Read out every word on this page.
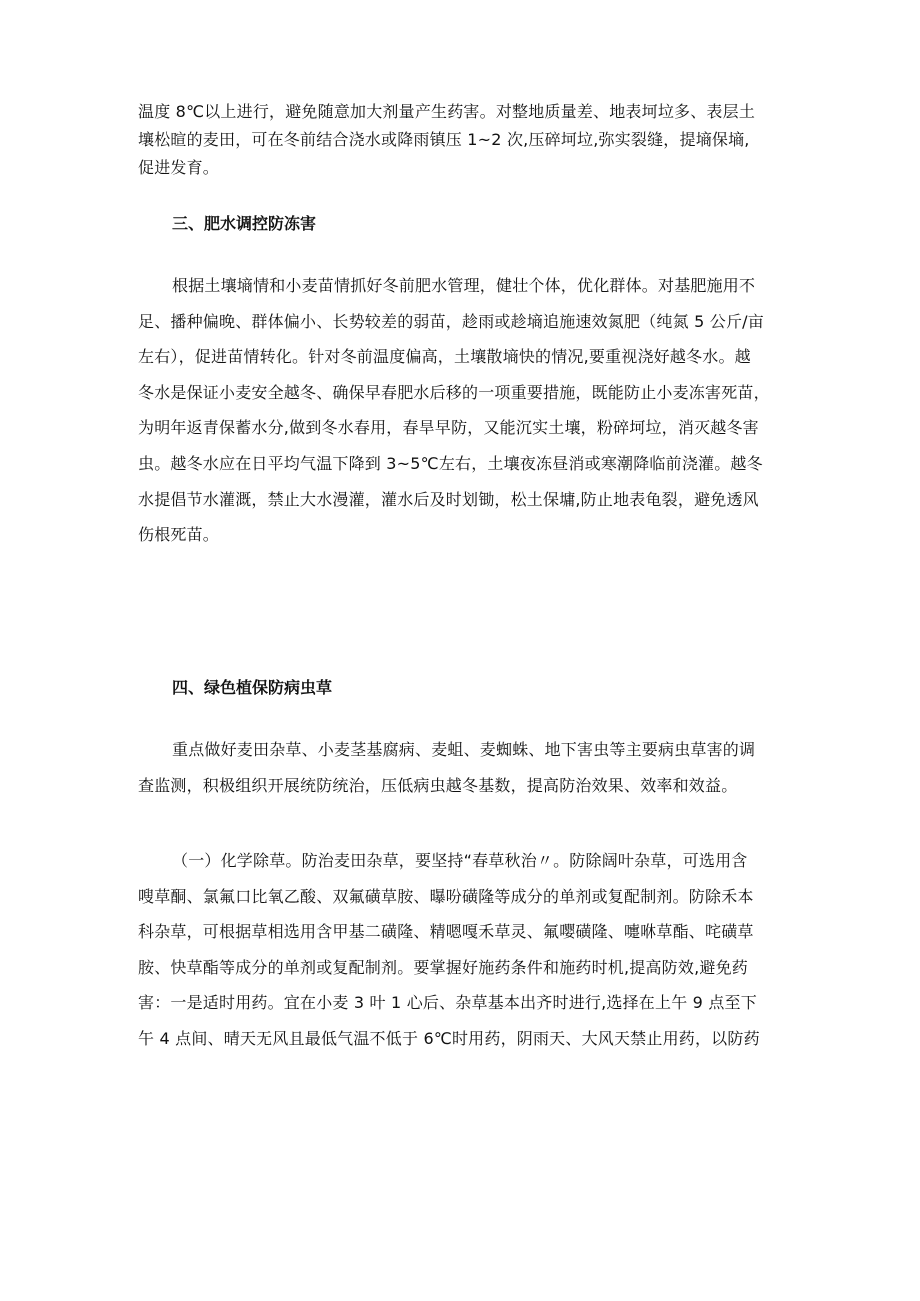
温度 8℃以上进行，避免随意加大剂量产生药害。对整地质量差、地表坷垃多、表层土
壤松暄的麦田，可在冬前结合浇水或降雨镇压 1~2 次,压碎坷垃,弥实裂缝，提墒保墒,
促进发育。
三、肥水调控防冻害
根据土壤墒情和小麦苗情抓好冬前肥水管理，健壮个体，优化群体。对基肥施用不
足、播种偏晚、群体偏小、长势较差的弱苗，趁雨或趁墒追施速效氮肥（纯氮 5 公斤/亩
左右），促进苗情转化。针对冬前温度偏高，土壤散墒快的情况,要重视浇好越冬水。越
冬水是保证小麦安全越冬、确保早春肥水后移的一项重要措施，既能防止小麦冻害死苗，
为明年返青保蓄水分,做到冬水春用，春旱早防，又能沉实土壤，粉碎坷垃，消灭越冬害
虫。越冬水应在日平均气温下降到 3~5℃左右，土壤夜冻昼消或寒潮降临前浇灌。越冬
水提倡节水灌溉，禁止大水漫灌，灌水后及时划锄，松土保墉,防止地表龟裂，避免透风
伤根死苗。
四、绿色植保防病虫草
重点做好麦田杂草、小麦茎基腐病、麦蛆、麦蜘蛛、地下害虫等主要病虫草害的调
查监测，积极组织开展统防统治，压低病虫越冬基数，提高防治效果、效率和效益。
（一）化学除草。防治麦田杂草，要坚持“春草秋治〃。防除阔叶杂草，可选用含
嗖草酮、氯氟口比氧乙酸、双氟磺草胺、曝吩磺隆等成分的单剂或复配制剂。防除禾本
科杂草，可根据草相选用含甲基二磺隆、精嗯嘎禾草灵、氟嘤磺隆、嚏咻草酯、咤磺草
胺、快草酯等成分的单剂或复配制剂。要掌握好施药条件和施药时机,提高防效,避免药
害：一是适时用药。宜在小麦 3 叶 1 心后、杂草基本出齐时进行,选择在上午 9 点至下
午 4 点间、晴天无风且最低气温不低于 6℃时用药，阴雨天、大风天禁止用药，以防药
